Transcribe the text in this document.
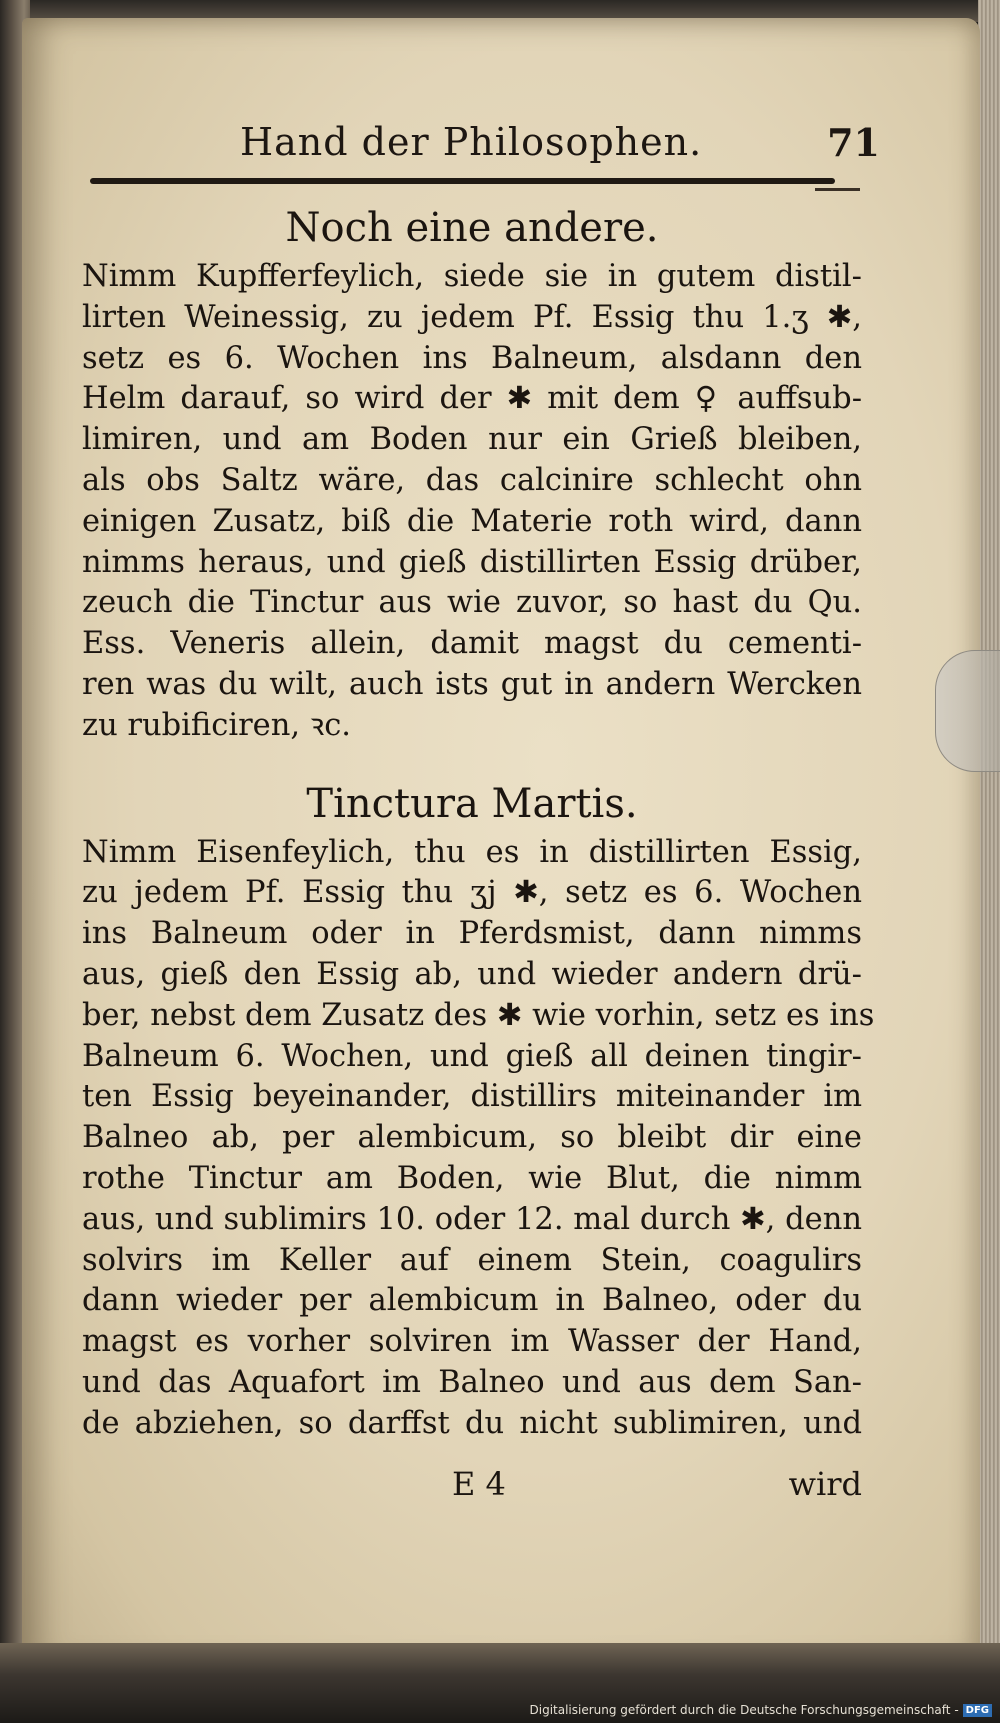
Hand der Philosophen.	71
Noch eine andere.
Nimm Kupfferfeylich, siede sie in gutem distil-
lirten Weinessig, zu jedem Pf. Essig thu 1.ʒ ✱,
setz es 6. Wochen ins Balneum, alsdann den
Helm darauf, so wird der ✱ mit dem ♀ auffsub-
limiren, und am Boden nur ein Grieß bleiben,
als obs Saltz wäre, das calcinire schlecht ohn
einigen Zusatz, biß die Materie roth wird, dann
nimms heraus, und gieß distillirten Essig drüber,
zeuch die Tinctur aus wie zuvor, so hast du Qu.
Ess. Veneris allein, damit magst du cementi-
ren was du wilt, auch ists gut in andern Wercken
zu rubificiren, ꝛc.
Tinctura Martis.
Nimm Eisenfeylich, thu es in distillirten Essig,
zu jedem Pf. Essig thu ʒj ✱, setz es 6. Wochen
ins Balneum oder in Pferdsmist, dann nimms
aus, gieß den Essig ab, und wieder andern drü-
ber, nebst dem Zusatz des ✱ wie vorhin, setz es ins
Balneum 6. Wochen, und gieß all deinen tingir-
ten Essig beyeinander, distillirs miteinander im
Balneo ab, per alembicum, so bleibt dir eine
rothe Tinctur am Boden, wie Blut, die nimm
aus, und sublimirs 10. oder 12. mal durch ✱, denn
solvirs im Keller auf einem Stein, coagulirs
dann wieder per alembicum in Balneo, oder du
magst es vorher solviren im Wasser der Hand,
und das Aquafort im Balneo und aus dem San-
de abziehen, so darffst du nicht sublimiren, und
E 4	wird
Digitalisierung gefördert durch die Deutsche Forschungsgemeinschaft - DFG
